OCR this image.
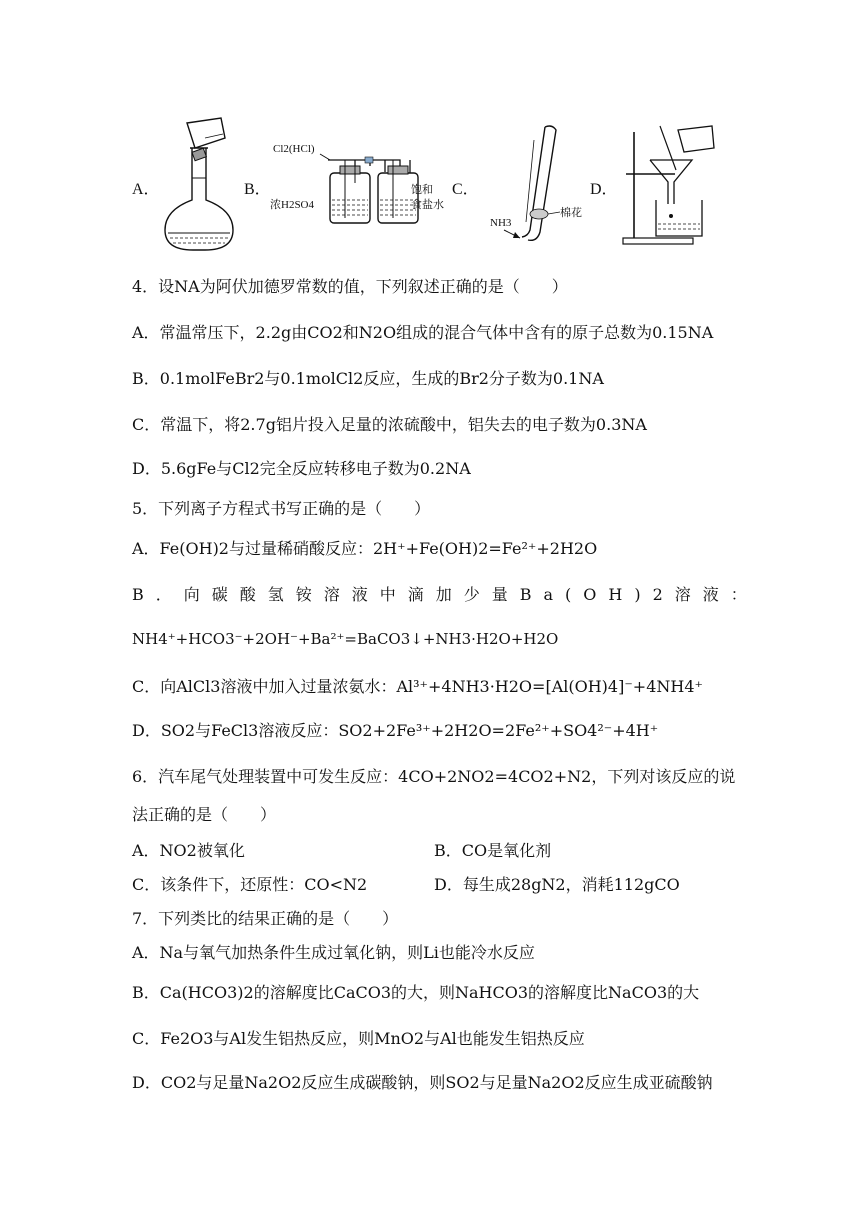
A．	B．
Cl2(HCl)
浓H2SO4
饱和
食盐水
C．
棉花
NH3
D．
4．设NA为阿伏加德罗常数的值，下列叙述正确的是（　　）
A．常温常压下，2.2g由CO2和N2O组成的混合气体中含有的原子总数为0.15NA
B．0.1molFeBr2与0.1molCl2反应，生成的Br2分子数为0.1NA
C．常温下，将2.7g铝片投入足量的浓硫酸中，铝失去的电子数为0.3NA
D．5.6gFe与Cl2完全反应转移电子数为0.2NA
5．下列离子方程式书写正确的是（　　）
A．Fe(OH)2与过量稀硝酸反应：2H⁺+Fe(OH)2=Fe²⁺+2H2O
B．向碳酸氢铵溶液中滴加少量Ba(OH)2溶液：
NH4⁺+HCO3⁻+2OH⁻+Ba²⁺=BaCO3↓+NH3·H2O+H2O
C．向AlCl3溶液中加入过量浓氨水：Al³⁺+4NH3·H2O=[Al(OH)4]⁻+4NH4⁺
D．SO2与FeCl3溶液反应：SO2+2Fe³⁺+2H2O=2Fe²⁺+SO4²⁻+4H⁺
6．汽车尾气处理装置中可发生反应：4CO+2NO2=4CO2+N2，下列对该反应的说
法正确的是（　　）
A．NO2被氧化	B．CO是氧化剂
C．该条件下，还原性：CO<N2	D．每生成28gN2，消耗112gCO
7．下列类比的结果正确的是（　　）
A．Na与氧气加热条件生成过氧化钠，则Li也能冷水反应
B．Ca(HCO3)2的溶解度比CaCO3的大，则NaHCO3的溶解度比NaCO3的大
C．Fe2O3与Al发生铝热反应，则MnO2与Al也能发生铝热反应
D．CO2与足量Na2O2反应生成碳酸钠，则SO2与足量Na2O2反应生成亚硫酸钠
